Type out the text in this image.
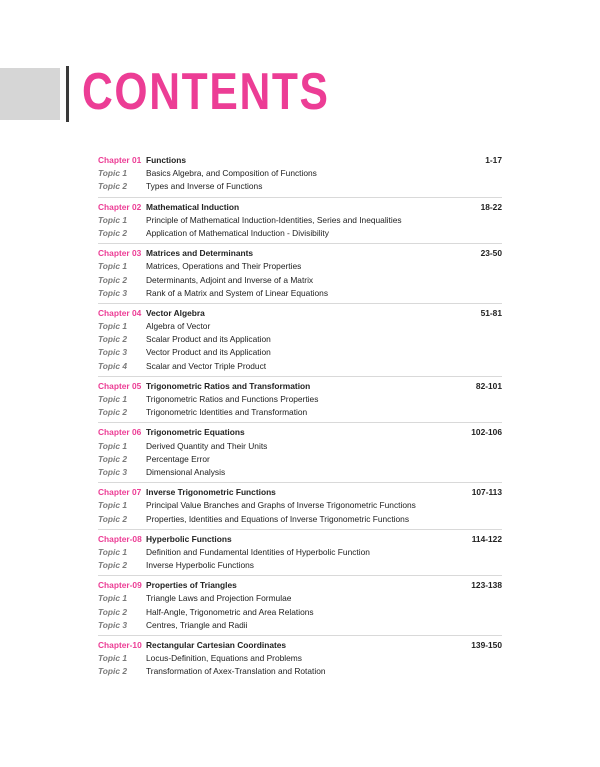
CONTENTS
Chapter 01 Functions	1-17
Topic 1	Basics Algebra, and Composition of Functions
Topic 2	Types and Inverse of Functions
Chapter 02 Mathematical Induction	18-22
Topic 1	Principle of Mathematical Induction-Identities, Series and Inequalities
Topic 2	Application of Mathematical Induction - Divisibility
Chapter 03 Matrices and Determinants	23-50
Topic 1	Matrices, Operations and Their Properties
Topic 2	Determinants, Adjoint and Inverse of a Matrix
Topic 3	Rank of a Matrix and System of Linear Equations
Chapter 04 Vector Algebra	51-81
Topic 1	Algebra of Vector
Topic 2	Scalar Product and its Application
Topic 3	Vector Product and its Application
Topic 4	Scalar and Vector Triple Product
Chapter 05 Trigonometric Ratios and Transformation	82-101
Topic 1	Trigonometric Ratios and Functions Properties
Topic 2	Trigonometric Identities and Transformation
Chapter 06 Trigonometric Equations	102-106
Topic 1	Derived Quantity and Their Units
Topic 2	Percentage Error
Topic 3	Dimensional Analysis
Chapter 07 Inverse Trigonometric Functions	107-113
Topic 1	Principal Value Branches and Graphs of Inverse Trigonometric Functions
Topic 2	Properties, Identities and Equations of Inverse Trigonometric Functions
Chapter-08 Hyperbolic Functions	114-122
Topic 1	Definition and Fundamental Identities of Hyperbolic Function
Topic 2	Inverse Hyperbolic Functions
Chapter-09 Properties of Triangles	123-138
Topic 1	Triangle Laws and Projection Formulae
Topic 2	Half-Angle, Trigonometric and Area Relations
Topic 3	Centres, Triangle and Radii
Chapter-10 Rectangular Cartesian Coordinates	139-150
Topic 1	Locus-Definition, Equations and Problems
Topic 2	Transformation of Axex-Translation and Rotation
